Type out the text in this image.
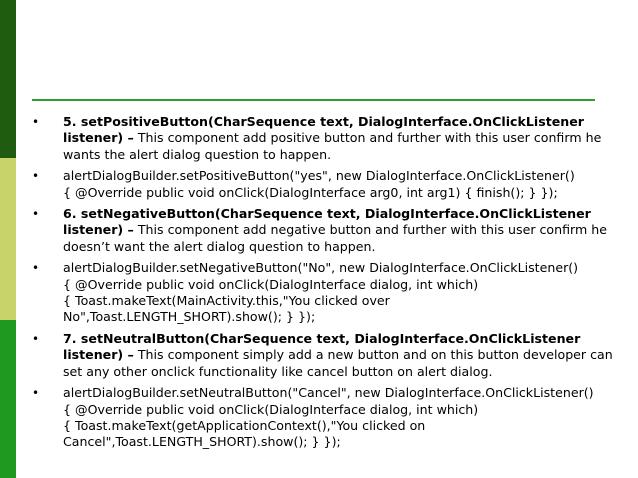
• 5. setPositiveButton(CharSequence text, DialogInterface.OnClickListener listener) – This component add positive button and further with this user confirm he wants the alert dialog question to happen.
• alertDialogBuilder.setPositiveButton("yes", new DialogInterface.OnClickListener()
{ @Override public void onClick(DialogInterface arg0, int arg1) { finish(); } });
• 6. setNegativeButton(CharSequence text, DialogInterface.OnClickListener listener) – This component add negative button and further with this user confirm he doesn’t want the alert dialog question to happen.
• alertDialogBuilder.setNegativeButton("No", new DialogInterface.OnClickListener()
{ @Override public void onClick(DialogInterface dialog, int which)
{ Toast.makeText(MainActivity.this,"You clicked over
No",Toast.LENGTH_SHORT).show(); } });
• 7. setNeutralButton(CharSequence text, DialogInterface.OnClickListener listener) – This component simply add a new button and on this button developer can set any other onclick functionality like cancel button on alert dialog.
• alertDialogBuilder.setNeutralButton("Cancel", new DialogInterface.OnClickListener()
{ @Override public void onClick(DialogInterface dialog, int which)
{ Toast.makeText(getApplicationContext(),"You clicked on
Cancel",Toast.LENGTH_SHORT).show(); } });
